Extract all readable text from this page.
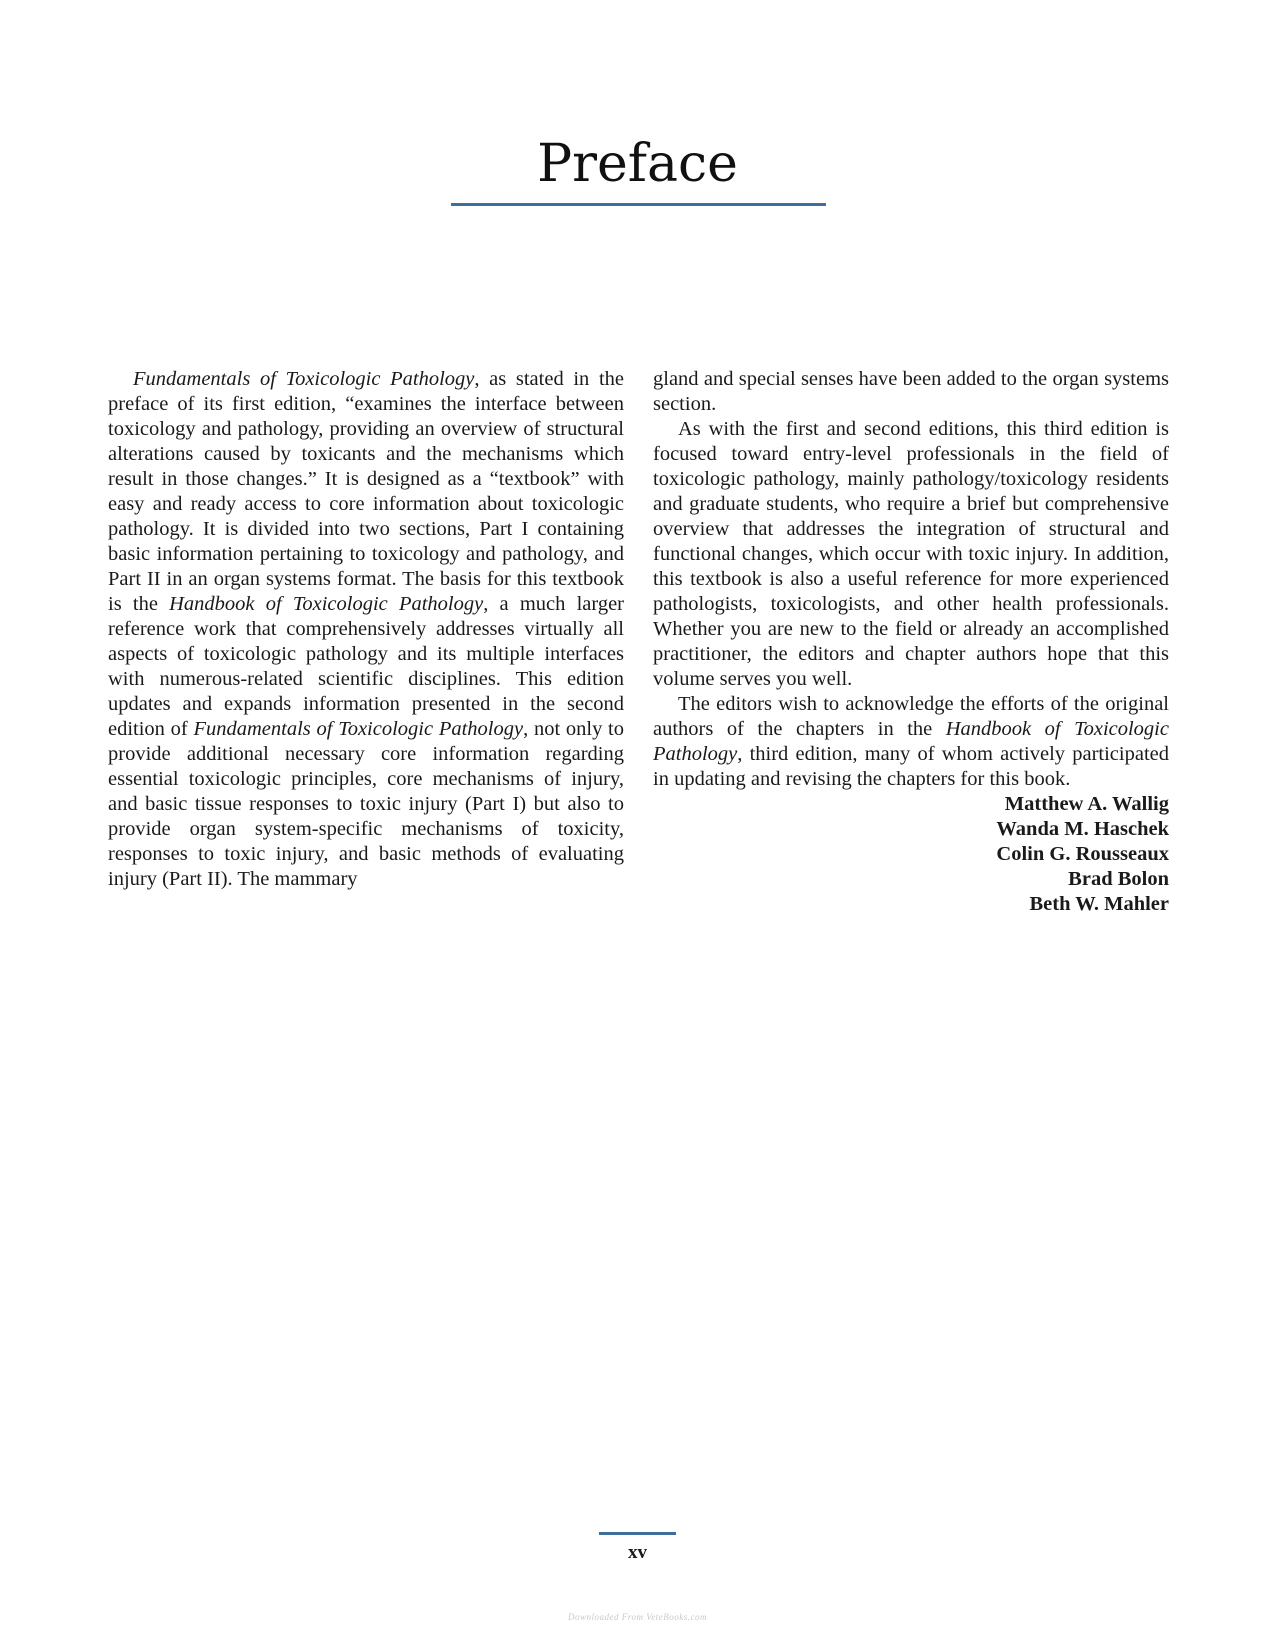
Preface

Fundamentals of Toxicologic Pathology, as stated in the preface of its first edition, “examines the interface between toxicology and pathology, providing an overview of structural alterations caused by toxicants and the mechanisms which result in those changes.” It is designed as a “textbook” with easy and ready access to core information about toxicologic pathology. It is divided into two sections, Part I containing basic information pertaining to toxicology and pathology, and Part II in an organ systems format. The basis for this textbook is the Handbook of Toxicologic Pathology, a much larger reference work that comprehensively addresses virtually all aspects of toxicologic pathology and its multiple interfaces with numerous-related scientific disciplines. This edition updates and expands information presented in the second edition of Fundamentals of Toxicologic Pathology, not only to provide additional necessary core information regarding essential toxicologic principles, core mechanisms of injury, and basic tissue responses to toxic injury (Part I) but also to provide organ system-specific mechanisms of toxicity, responses to toxic injury, and basic methods of evaluating injury (Part II). The mammary

gland and special senses have been added to the organ systems section.

As with the first and second editions, this third edition is focused toward entry-level professionals in the field of toxicologic pathology, mainly pathology/​toxicology residents and graduate students, who require a brief but comprehensive overview that addresses the integration of structural and functional changes, which occur with toxic injury. In addition, this textbook is also a useful reference for more experienced pathologists, toxicologists, and other health professionals. Whether you are new to the field or already an accomplished practitioner, the editors and chapter authors hope that this volume serves you well.

The editors wish to acknowledge the efforts of the original authors of the chapters in the Handbook of Toxicologic Pathology, third edition, many of whom actively participated in updating and revising the chapters for this book.

Matthew A. Wallig
Wanda M. Haschek
Colin G. Rousseaux
Brad Bolon
Beth W. Mahler
xv
Downloaded From VeteBooks.com
